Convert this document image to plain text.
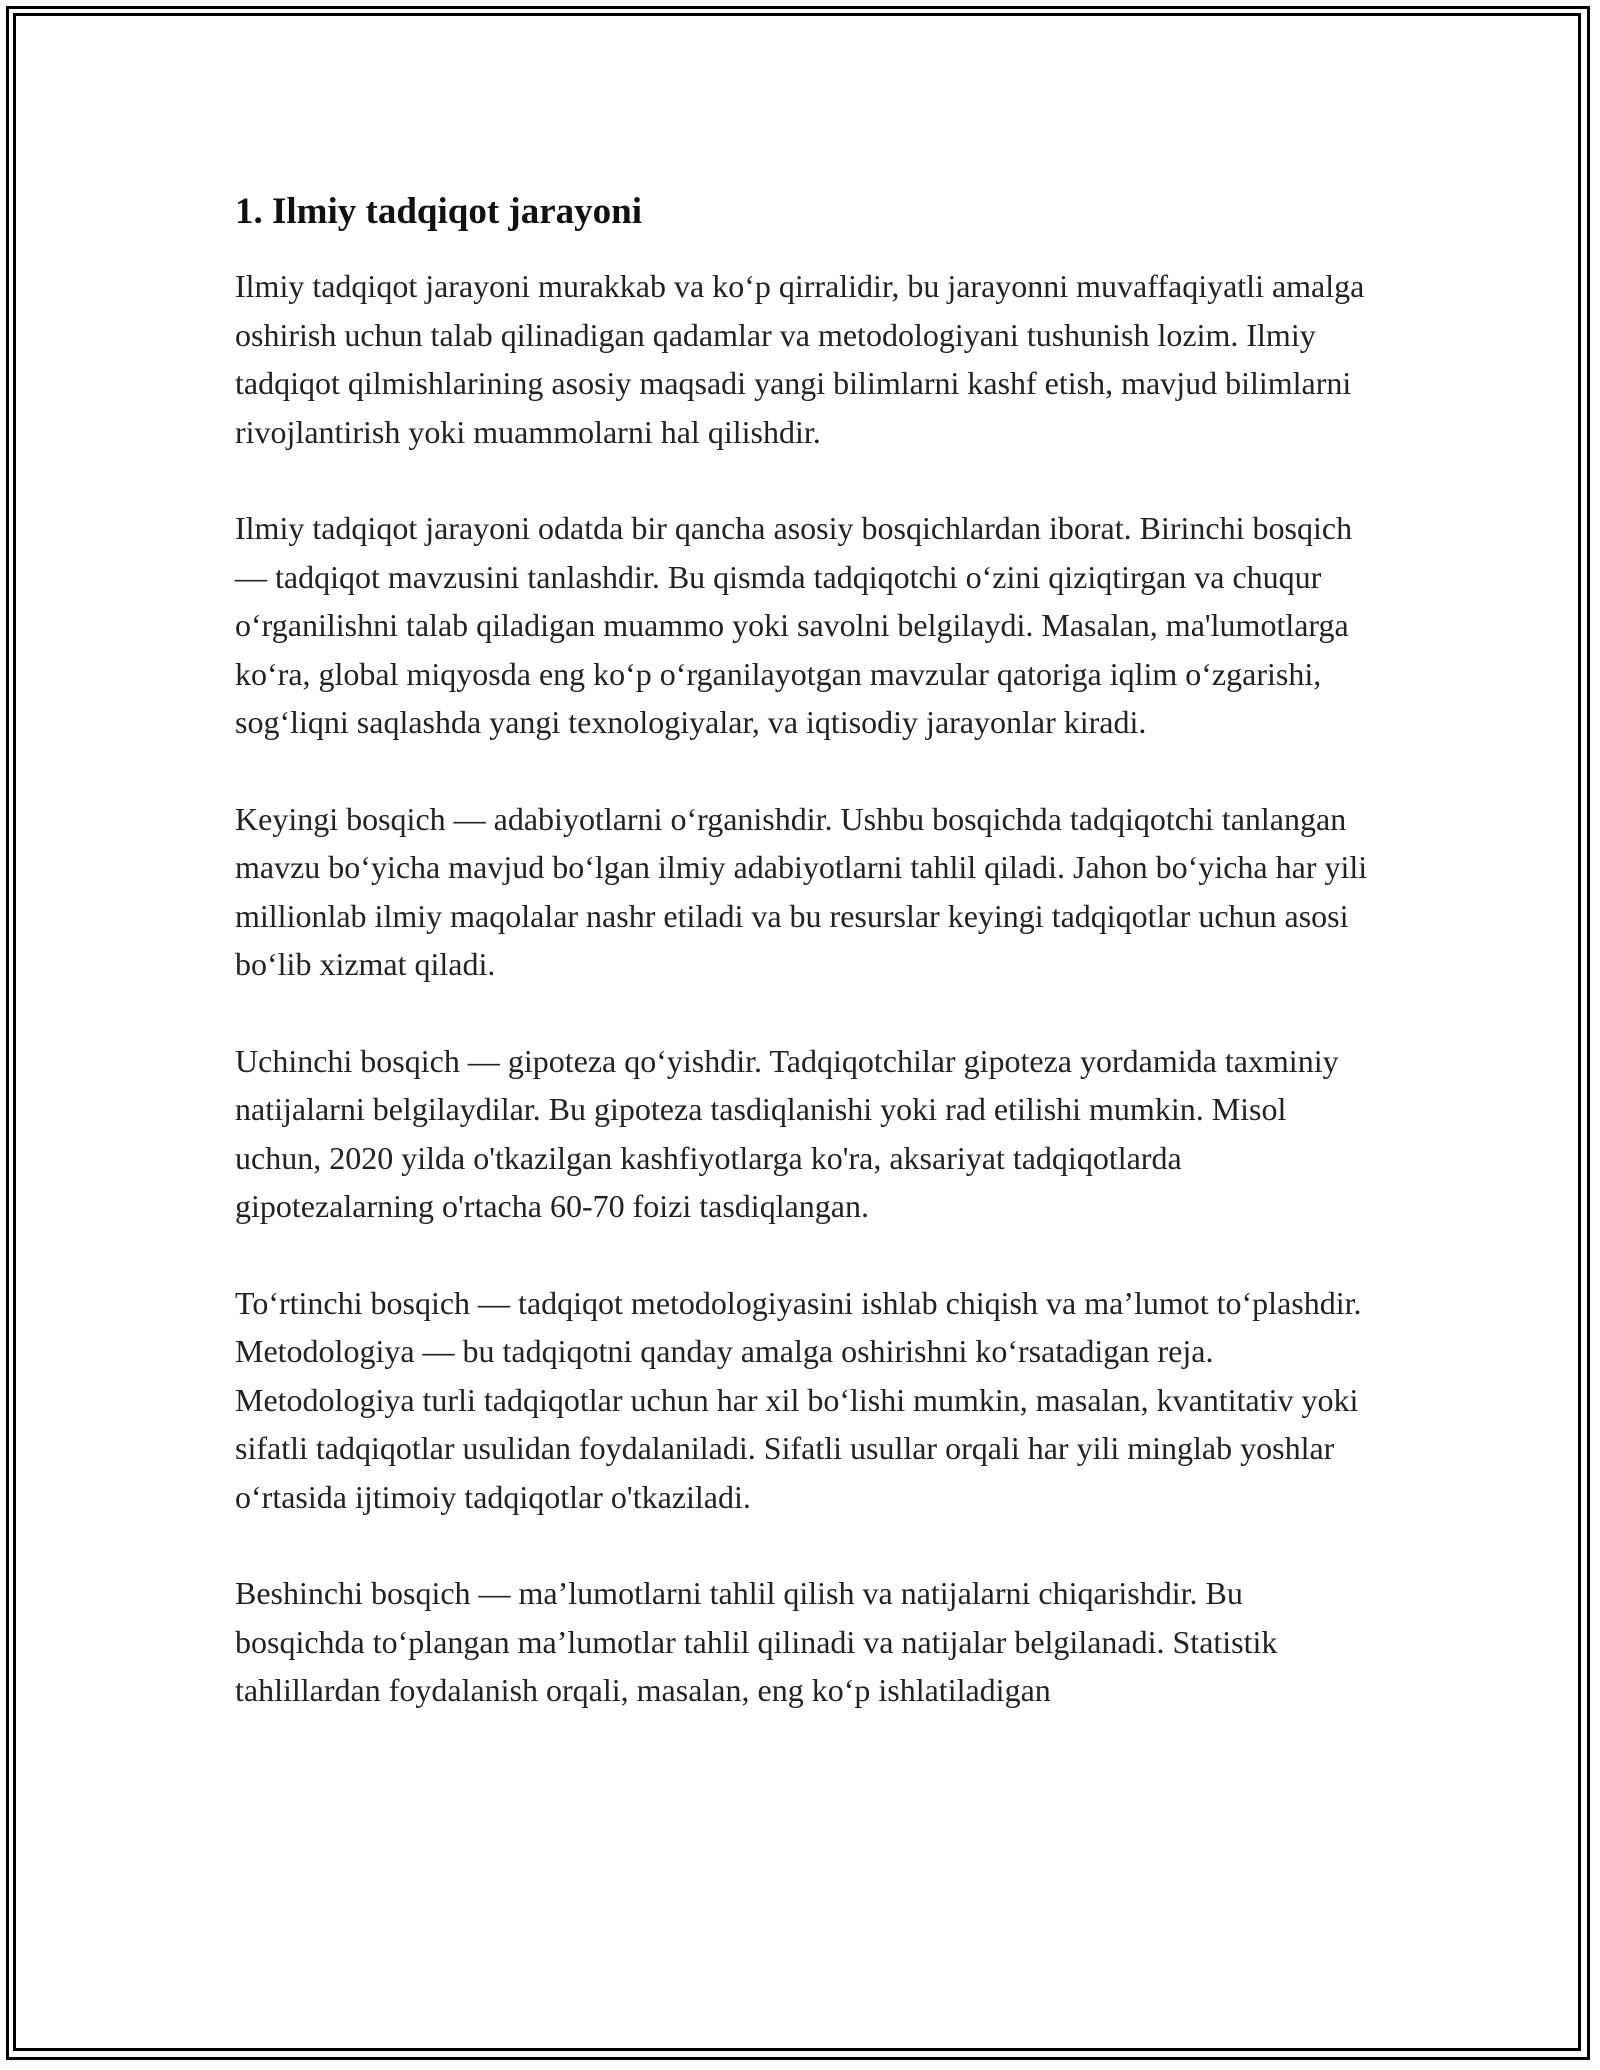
1. Ilmiy tadqiqot jarayoni

Ilmiy tadqiqot jarayoni murakkab va ko‘p qirralidir, bu jarayonni muvaffaqiyatli amalga oshirish uchun talab qilinadigan qadamlar va metodologiyani tushunish lozim. Ilmiy tadqiqot qilmishlarining asosiy maqsadi yangi bilimlarni kashf etish, mavjud bilimlarni rivojlantirish yoki muammolarni hal qilishdir.

Ilmiy tadqiqot jarayoni odatda bir qancha asosiy bosqichlardan iborat. Birinchi bosqich — tadqiqot mavzusini tanlashdir. Bu qismda tadqiqotchi o‘zini qiziqtirgan va chuqur o‘rganilishni talab qiladigan muammo yoki savolni belgilaydi. Masalan, ma'lumotlarga ko‘ra, global miqyosda eng ko‘p o‘rganilayotgan mavzular qatoriga iqlim o‘zgarishi, sog‘liqni saqlashda yangi texnologiyalar, va iqtisodiy jarayonlar kiradi.

Keyingi bosqich — adabiyotlarni o‘rganishdir. Ushbu bosqichda tadqiqotchi tanlangan mavzu bo‘yicha mavjud bo‘lgan ilmiy adabiyotlarni tahlil qiladi. Jahon bo‘yicha har yili millionlab ilmiy maqolalar nashr etiladi va bu resurslar keyingi tadqiqotlar uchun asosi bo‘lib xizmat qiladi.

Uchinchi bosqich — gipoteza qo‘yishdir. Tadqiqotchilar gipoteza yordamida taxminiy natijalarni belgilaydilar. Bu gipoteza tasdiqlanishi yoki rad etilishi mumkin. Misol uchun, 2020 yilda o'tkazilgan kashfiyotlarga ko'ra, aksariyat tadqiqotlarda gipotezalarning o'rtacha 60-70 foizi tasdiqlangan.

To‘rtinchi bosqich — tadqiqot metodologiyasini ishlab chiqish va ma’lumot to‘plashdir. Metodologiya — bu tadqiqotni qanday amalga oshirishni ko‘rsatadigan reja. Metodologiya turli tadqiqotlar uchun har xil bo‘lishi mumkin, masalan, kvantitativ yoki sifatli tadqiqotlar usulidan foydalaniladi. Sifatli usullar orqali har yili minglab yoshlar o‘rtasida ijtimoiy tadqiqotlar o'tkaziladi.

Beshinchi bosqich — ma’lumotlarni tahlil qilish va natijalarni chiqarishdir. Bu bosqichda to‘plangan ma’lumotlar tahlil qilinadi va natijalar belgilanadi. Statistik tahlillardan foydalanish orqali, masalan, eng ko‘p ishlatiladigan
